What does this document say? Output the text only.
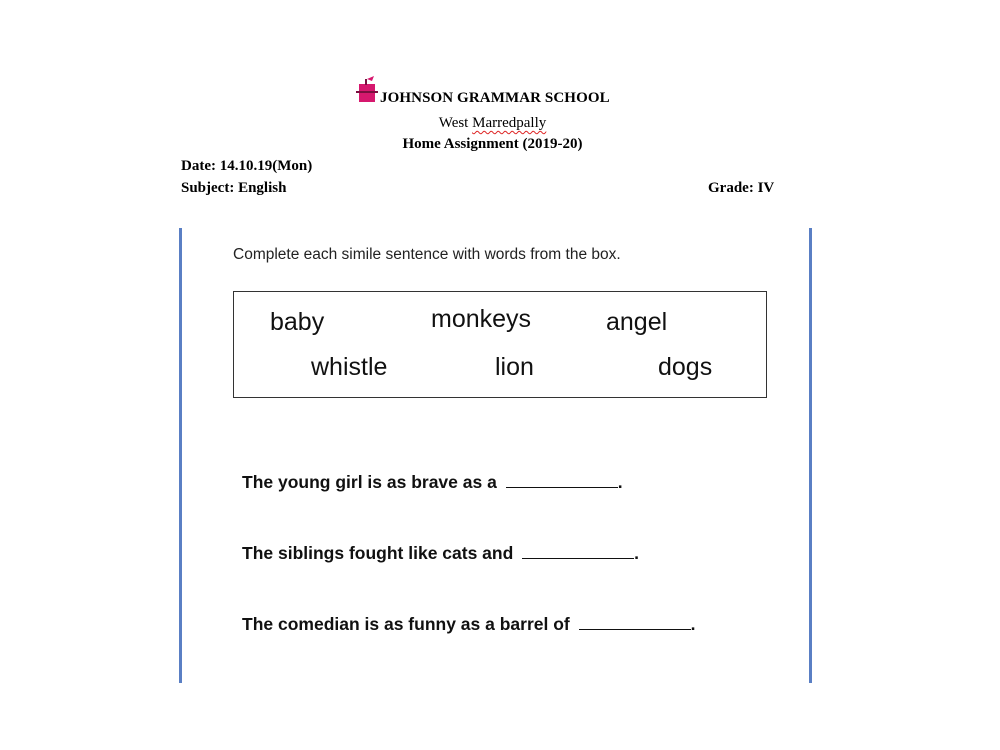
JOHNSON GRAMMAR SCHOOL
West Marredpally
Home Assignment (2019-20)
Date: 14.10.19(Mon)
Subject: English	Grade: IV
Complete each simile sentence with words from the box.
baby	monkeys	angel
whistle	lion	dogs
The young girl is as brave as a	.
The siblings fought like cats and	.
The comedian is as funny as a barrel of	.
